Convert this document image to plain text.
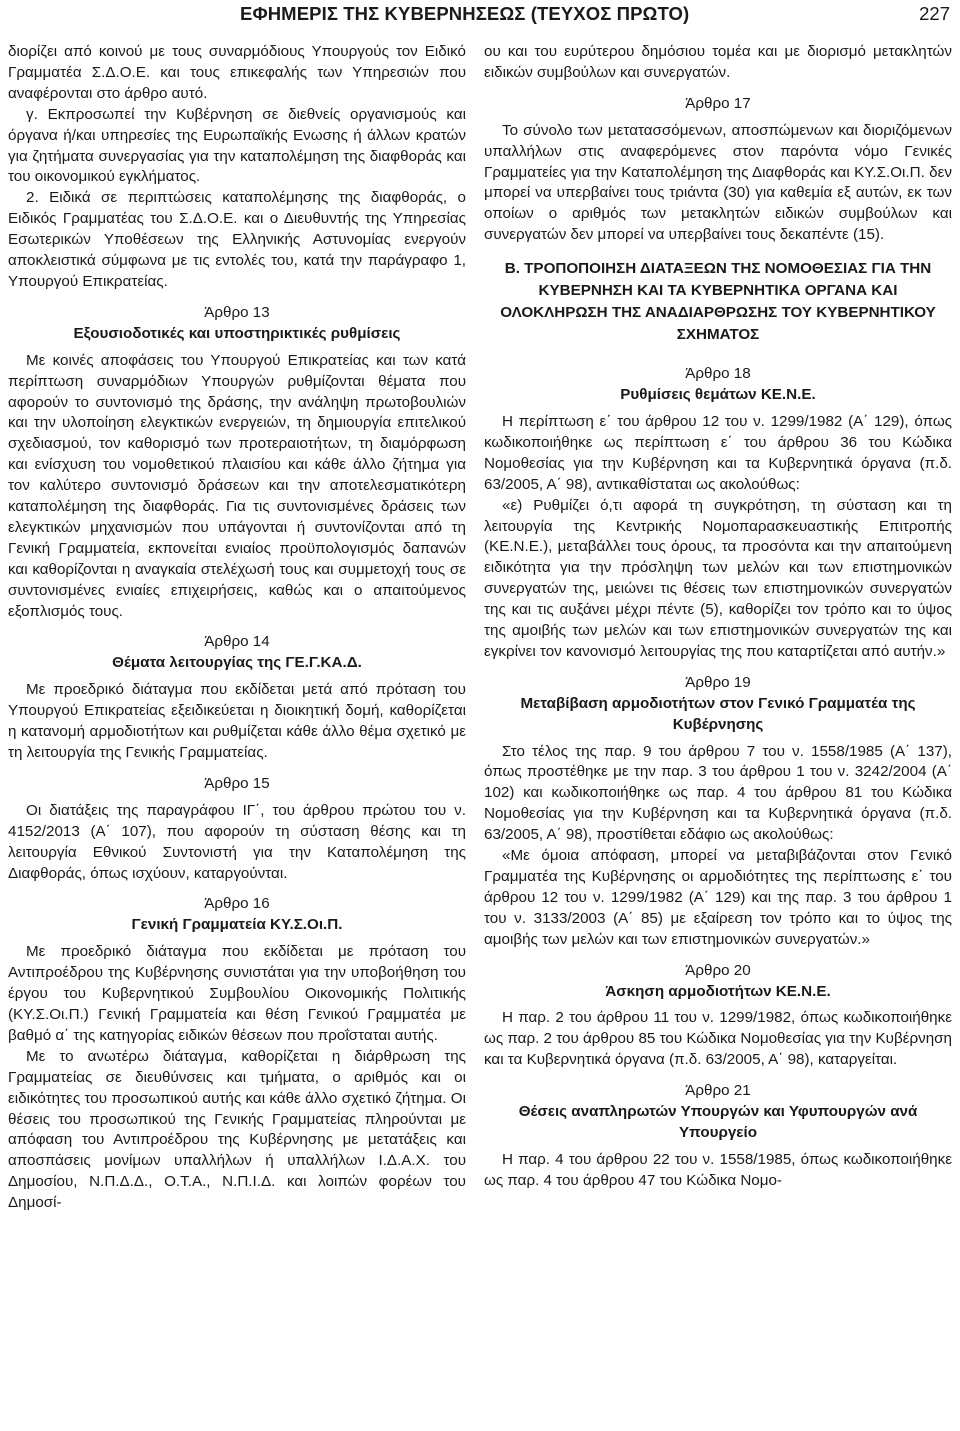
ΕΦΗΜΕΡΙΣ ΤΗΣ ΚΥΒΕΡΝΗΣΕΩΣ (ΤΕΥΧΟΣ ΠΡΩΤΟ)	227

διορίζει από κοινού με τους συναρμόδιους Υπουργούς τον Ειδικό Γραμματέα Σ.Δ.Ο.Ε. και τους επικεφαλής των Υπηρεσιών που αναφέρονται στο άρθρο αυτό.

γ. Εκπροσωπεί την Κυβέρνηση σε διεθνείς οργανισμούς και όργανα ή/και υπηρεσίες της Ευρωπαϊκής Ενωσης ή άλλων κρατών για ζητήματα συνεργασίας για την καταπολέμηση της διαφθοράς και του οικονομικού εγκλήματος.

2. Ειδικά σε περιπτώσεις καταπολέμησης της διαφθοράς, ο Ειδικός Γραμματέας του Σ.Δ.Ο.Ε. και ο Διευθυντής της Υπηρεσίας Εσωτερικών Υποθέσεων της Ελληνικής Αστυνομίας ενεργούν αποκλειστικά σύμφωνα με τις εντολές του, κατά την παράγραφο 1, Υπουργού Επικρατείας.

Άρθρο 13
Εξουσιοδοτικές και υποστηρικτικές ρυθμίσεις

Με κοινές αποφάσεις του Υπουργού Επικρατείας και των κατά περίπτωση συναρμόδιων Υπουργών ρυθμίζονται θέματα που αφορούν το συντονισμό της δράσης, την ανάληψη πρωτοβουλιών και την υλοποίηση ελεγκτικών ενεργειών, τη δημιουργία επιτελικού σχεδιασμού, τον καθορισμό των προτεραιοτήτων, τη διαμόρφωση και ενίσχυση του νομοθετικού πλαισίου και κάθε άλλο ζήτημα για τον καλύτερο συντονισμό δράσεων και την αποτελεσματικότερη καταπολέμηση της διαφθοράς. Για τις συντονισμένες δράσεις των ελεγκτικών μηχανισμών που υπάγονται ή συντονίζονται από τη Γενική Γραμματεία, εκπονείται ενιαίος προϋπολογισμός δαπανών και καθορίζονται η αναγκαία στελέχωσή τους και συμμετοχή τους σε συντονισμένες ενιαίες επιχειρήσεις, καθώς και ο απαιτούμενος εξοπλισμός τους.

Άρθρο 14
Θέματα λειτουργίας της ΓΕ.Γ.ΚΑ.Δ.

Με προεδρικό διάταγμα που εκδίδεται μετά από πρόταση του Υπουργού Επικρατείας εξειδικεύεται η διοικητική δομή, καθορίζεται η κατανομή αρμοδιοτήτων και ρυθμίζεται κάθε άλλο θέμα σχετικό με τη λειτουργία της Γενικής Γραμματείας.

Άρθρο 15

Οι διατάξεις της παραγράφου ΙΓ΄, του άρθρου πρώτου του ν. 4152/2013 (Α΄ 107), που αφορούν τη σύσταση θέσης και τη λειτουργία Εθνικού Συντονιστή για την Καταπολέμηση της Διαφθοράς, όπως ισχύουν, καταργούνται.

Άρθρο 16
Γενική Γραμματεία ΚΥ.Σ.Οι.Π.

Με προεδρικό διάταγμα που εκδίδεται με πρόταση του Αντιπροέδρου της Κυβέρνησης συνιστάται για την υποβοήθηση του έργου του Κυβερνητικού Συμβουλίου Οικονομικής Πολιτικής (ΚΥ.Σ.Οι.Π.) Γενική Γραμματεία και θέση Γενικού Γραμματέα με βαθμό α΄ της κατηγορίας ειδικών θέσεων που προΐσταται αυτής.

Με το ανωτέρω διάταγμα, καθορίζεται η διάρθρωση της Γραμματείας σε διευθύνσεις και τμήματα, ο αριθμός και οι ειδικότητες του προσωπικού αυτής και κάθε άλλο σχετικό ζήτημα. Οι θέσεις του προσωπικού της Γενικής Γραμματείας πληρούνται με απόφαση του Αντιπροέδρου της Κυβέρνησης με μετατάξεις και αποσπάσεις μονίμων υπαλλήλων ή υπαλλήλων Ι.Δ.Α.Χ. του Δημοσίου, Ν.Π.Δ.Δ., Ο.Τ.Α., Ν.Π.Ι.Δ. και λοιπών φορέων του Δημοσί-

ου και του ευρύτερου δημόσιου τομέα και με διορισμό μετακλητών ειδικών συμβούλων και συνεργατών.

Άρθρο 17

Το σύνολο των μετατασσόμενων, αποσπώμενων και διοριζόμενων υπαλλήλων στις αναφερόμενες στον παρόντα νόμο Γενικές Γραμματείες για την Καταπολέμηση της Διαφθοράς και ΚΥ.Σ.Οι.Π. δεν μπορεί να υπερβαίνει τους τριάντα (30) για καθεμία εξ αυτών, εκ των οποίων ο αριθμός των μετακλητών ειδικών συμβούλων και συνεργατών δεν μπορεί να υπερβαίνει τους δεκαπέντε (15).

Β. ΤΡΟΠΟΠΟΙΗΣΗ ΔΙΑΤΑΞΕΩΝ ΤΗΣ ΝΟΜΟΘΕΣΙΑΣ ΓΙΑ ΤΗΝ ΚΥΒΕΡΝΗΣΗ ΚΑΙ ΤΑ ΚΥΒΕΡΝΗΤΙΚΑ ΟΡΓΑΝΑ ΚΑΙ ΟΛΟΚΛΗΡΩΣΗ ΤΗΣ ΑΝΑΔΙΑΡΘΡΩΣΗΣ ΤΟΥ ΚΥΒΕΡΝΗΤΙΚΟΥ ΣΧΗΜΑΤΟΣ
Άρθρο 18
Ρυθμίσεις θεμάτων ΚΕ.Ν.Ε.

Η περίπτωση ε΄ του άρθρου 12 του ν. 1299/1982 (Α΄ 129), όπως κωδικοποιήθηκε ως περίπτωση ε΄ του άρθρου 36 του Κώδικα Νομοθεσίας για την Κυβέρνηση και τα Κυβερνητικά όργανα (π.δ. 63/2005, Α΄ 98), αντικαθίσταται ως ακολούθως:

«ε) Ρυθμίζει ό,τι αφορά τη συγκρότηση, τη σύσταση και τη λειτουργία της Κεντρικής Νομοπαρασκευαστικής Επιτροπής (ΚΕ.Ν.Ε.), μεταβάλλει τους όρους, τα προσόντα και την απαιτούμενη ειδικότητα για την πρόσληψη των μελών και των επιστημονικών συνεργατών της, μειώνει τις θέσεις των επιστημονικών συνεργατών της και τις αυξάνει μέχρι πέντε (5), καθορίζει τον τρόπο και το ύψος της αμοιβής των μελών και των επιστημονικών συνεργατών της και εγκρίνει τον κανονισμό λειτουργίας της που καταρτίζεται από αυτήν.»

Άρθρο 19
Μεταβίβαση αρμοδιοτήτων στον Γενικό Γραμματέα της Κυβέρνησης

Στο τέλος της παρ. 9 του άρθρου 7 του ν. 1558/1985 (Α΄ 137), όπως προστέθηκε με την παρ. 3 του άρθρου 1 του ν. 3242/2004 (Α΄ 102) και κωδικοποιήθηκε ως παρ. 4 του άρθρου 81 του Κώδικα Νομοθεσίας για την Κυβέρνηση και τα Κυβερνητικά όργανα (π.δ. 63/2005, Α΄ 98), προστίθεται εδάφιο ως ακολούθως:

«Με όμοια απόφαση, μπορεί να μεταβιβάζονται στον Γενικό Γραμματέα της Κυβέρνησης οι αρμοδιότητες της περίπτωσης ε΄ του άρθρου 12 του ν. 1299/1982 (Α΄ 129) και της παρ. 3 του άρθρου 1 του ν. 3133/2003 (Α΄ 85) με εξαίρεση τον τρόπο και το ύψος της αμοιβής των μελών και των επιστημονικών συνεργατών.»

Άρθρο 20
Άσκηση αρμοδιοτήτων ΚΕ.Ν.Ε.

Η παρ. 2 του άρθρου 11 του ν. 1299/1982, όπως κωδικοποιήθηκε ως παρ. 2 του άρθρου 85 του Κώδικα Νομοθεσίας για την Κυβέρνηση και τα Κυβερνητικά όργανα (π.δ. 63/2005, Α΄ 98), καταργείται.

Άρθρο 21
Θέσεις αναπληρωτών Υπουργών και Υφυπουργών ανά Υπουργείο

Η παρ. 4 του άρθρου 22 του ν. 1558/1985, όπως κωδικοποιήθηκε ως παρ. 4 του άρθρου 47 του Κώδικα Νομο-
